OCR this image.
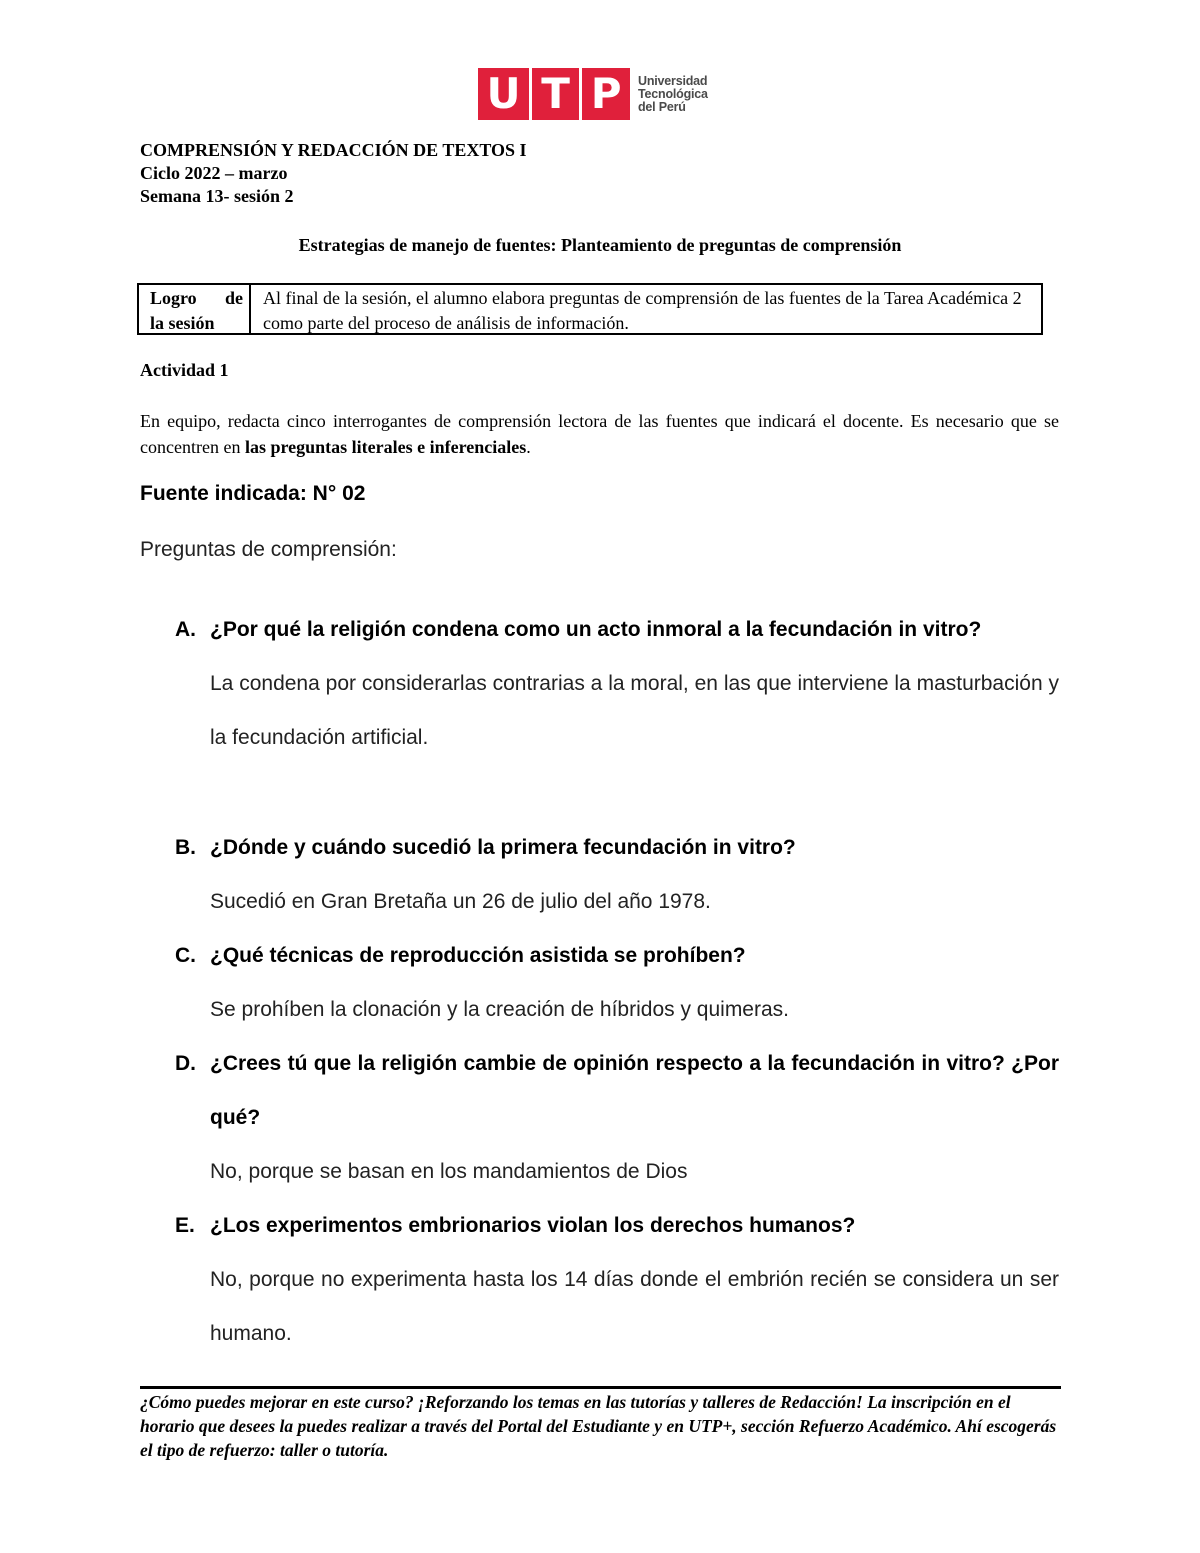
U T P Universidad
Tecnológica
del Perú
COMPRENSIÓN Y REDACCIÓN DE TEXTOS I
Ciclo 2022 – marzo
Semana 13- sesión 2
Estrategias de manejo de fuentes: Planteamiento de preguntas de comprensión
Logro de
la sesión
Al final de la sesión, el alumno elabora preguntas de comprensión de las fuentes de la Tarea Académica 2 como parte del proceso de análisis de información.
Actividad 1
En equipo, redacta cinco interrogantes de comprensión lectora de las fuentes que indicará el docente. Es necesario que se concentren en las preguntas literales e inferenciales.
Fuente indicada: N° 02
Preguntas de comprensión:
A. ¿Por qué la religión condena como un acto inmoral a la fecundación in vitro?
La condena por considerarlas contrarias a la moral, en las que interviene la masturbación y la fecundación artificial.
B. ¿Dónde y cuándo sucedió la primera fecundación in vitro?
Sucedió en Gran Bretaña un 26 de julio del año 1978.
C. ¿Qué técnicas de reproducción asistida se prohíben?
Se prohíben la clonación y la creación de híbridos y quimeras.
D. ¿Crees tú que la religión cambie de opinión respecto a la fecundación in vitro? ¿Por qué?
No, porque se basan en los mandamientos de Dios
E. ¿Los experimentos embrionarios violan los derechos humanos?
No, porque no experimenta hasta los 14 días donde el embrión recién se considera un ser humano.
¿Cómo puedes mejorar en este curso? ¡Reforzando los temas en las tutorías y talleres de Redacción! La inscripción en el horario que desees la puedes realizar a través del Portal del Estudiante y en UTP+, sección Refuerzo Académico. Ahí escogerás el tipo de refuerzo: taller o tutoría.
